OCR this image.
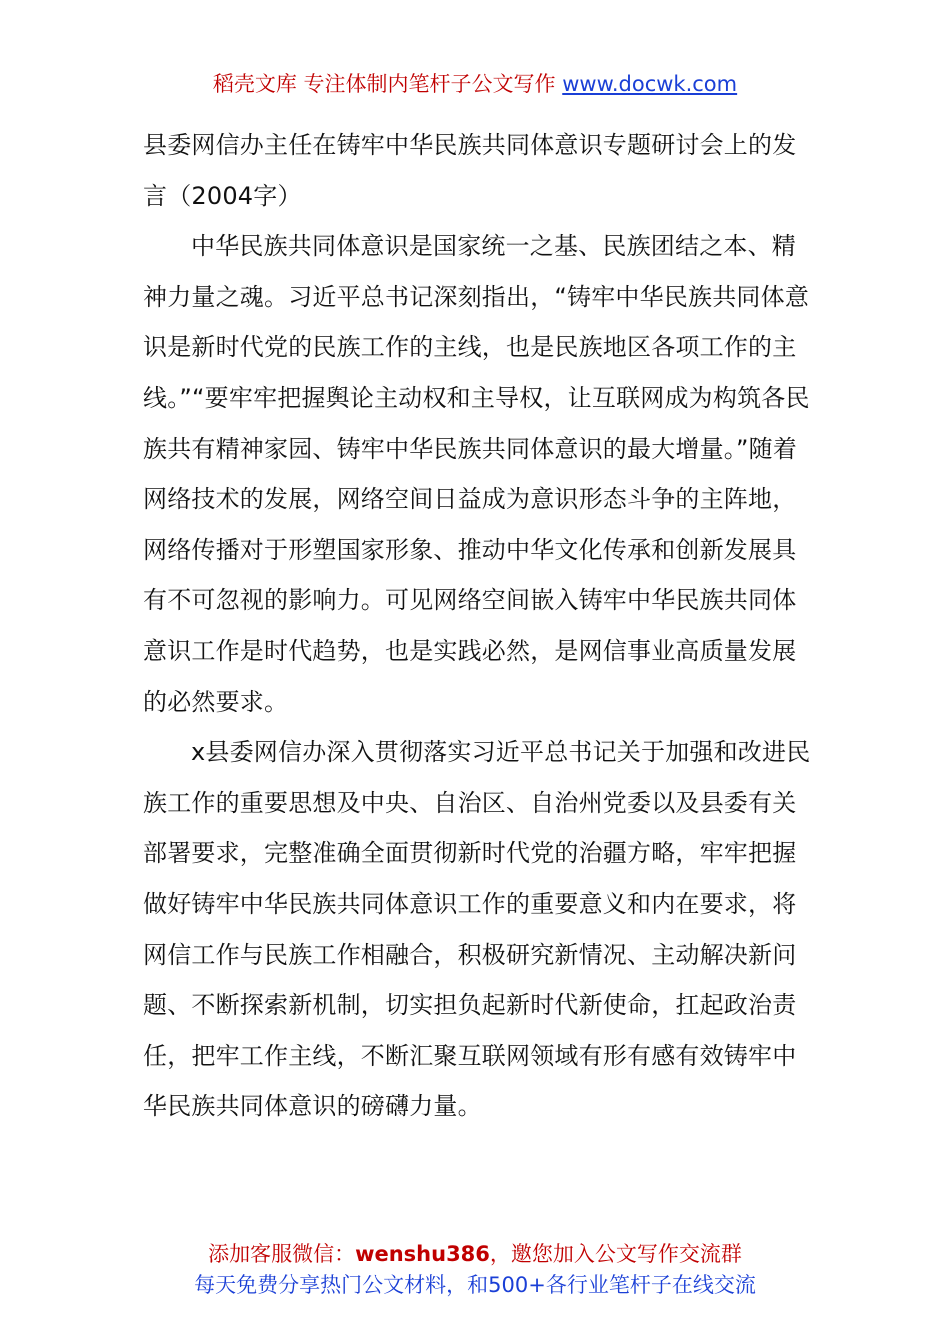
稻壳文库 专注体制内笔杆子公文写作 www.docwk.com

县委网信办主任在铸牢中华民族共同体意识专题研讨会上的发言（2004字）

中华民族共同体意识是国家统一之基、民族团结之本、精神力量之魂。习近平总书记深刻指出，“铸牢中华民族共同体意识是新时代党的民族工作的主线，也是民族地区各项工作的主线。”“要牢牢把握舆论主动权和主导权，让互联网成为构筑各民族共有精神家园、铸牢中华民族共同体意识的最大增量。”随着网络技术的发展，网络空间日益成为意识形态斗争的主阵地，网络传播对于形塑国家形象、推动中华文化传承和创新发展具有不可忽视的影响力。可见网络空间嵌入铸牢中华民族共同体意识工作是时代趋势，也是实践必然，是网信事业高质量发展的必然要求。

x县委网信办深入贯彻落实习近平总书记关于加强和改进民族工作的重要思想及中央、自治区、自治州党委以及县委有关部署要求，完整准确全面贯彻新时代党的治疆方略，牢牢把握做好铸牢中华民族共同体意识工作的重要意义和内在要求，将网信工作与民族工作相融合，积极研究新情况、主动解决新问题、不断探索新机制，切实担负起新时代新使命，扛起政治责任，把牢工作主线，不断汇聚互联网领域有形有感有效铸牢中华民族共同体意识的磅礴力量。

添加客服微信：wenshu386，邀您加入公文写作交流群
每天免费分享热门公文材料，和500+各行业笔杆子在线交流
